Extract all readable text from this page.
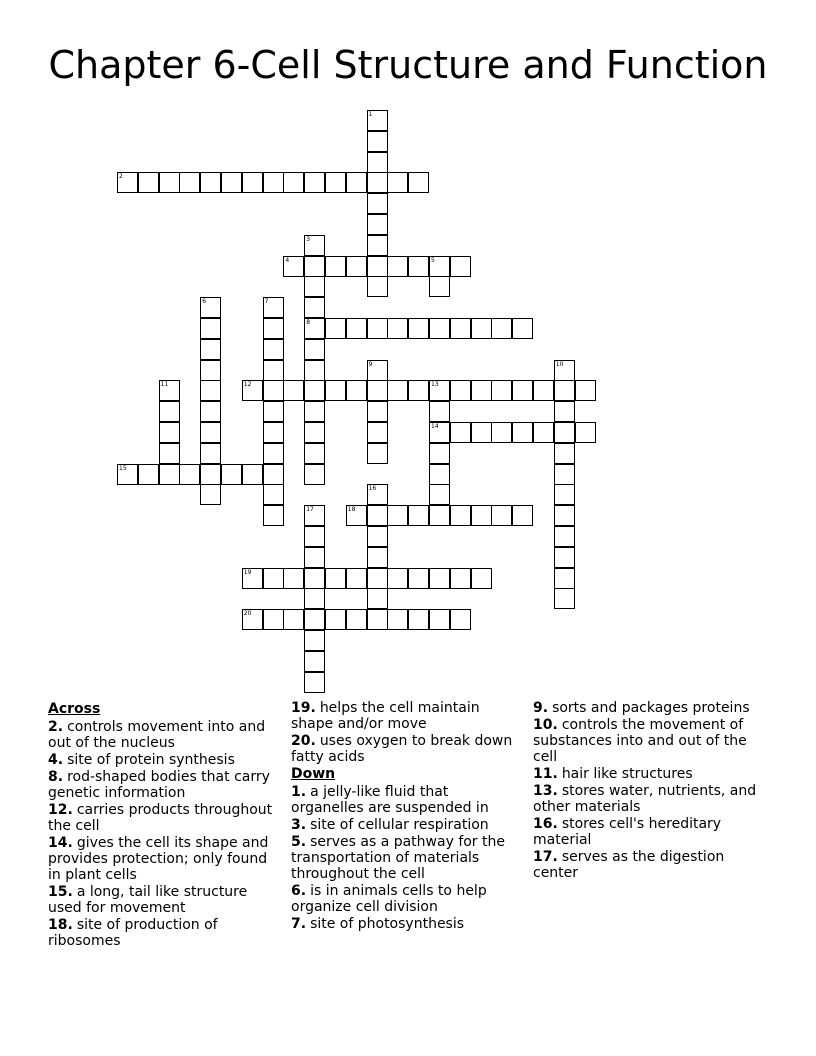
Chapter 6-Cell Structure and Function
1
2
3
8
4	5
6	7
9	10
11	12	13
14
15
16
17	18
19
20
Across
2. controls movement into and out of the nucleus
4. site of protein synthesis
8. rod-shaped bodies that carry genetic information
12. carries products throughout the cell
14. gives the cell its shape and provides protection; only found in plant cells
15. a long, tail like structure used for movement
18. site of production of ribosomes
19. helps the cell maintain shape and/or move
20. uses oxygen to break down fatty acids
Down
1. a jelly-like fluid that organelles are suspended in
3. site of cellular respiration
5. serves as a pathway for the transportation of materials throughout the cell
6. is in animals cells to help organize cell division
7. site of photosynthesis
9. sorts and packages proteins
10. controls the movement of substances into and out of the cell
11. hair like structures
13. stores water, nutrients, and other materials
16. stores cell's hereditary material
17. serves as the digestion center
